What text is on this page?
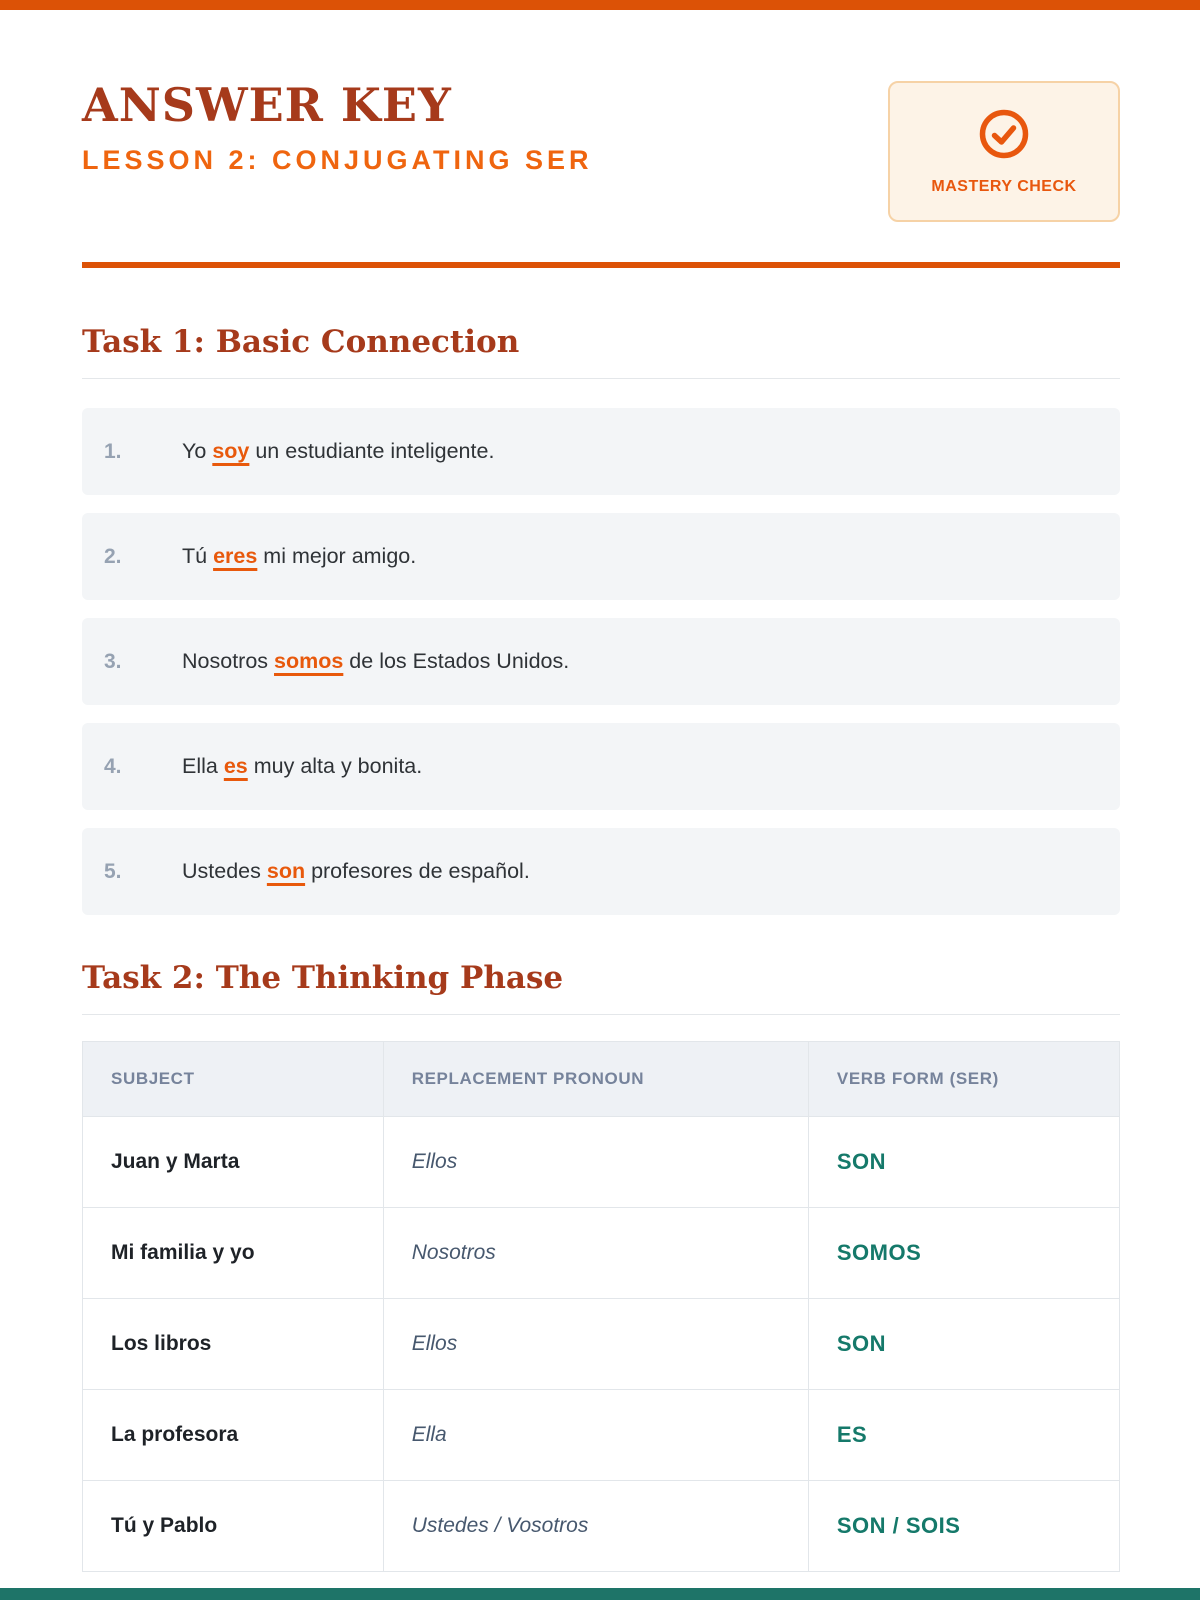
ANSWER KEY
LESSON 2: CONJUGATING SER
MASTERY CHECK
Task 1: Basic Connection
1.	Yo soy un estudiante inteligente.
2.	Tú eres mi mejor amigo.
3.	Nosotros somos de los Estados Unidos.
4.	Ella es muy alta y bonita.
5.	Ustedes son profesores de español.
Task 2: The Thinking Phase
SUBJECT	REPLACEMENT PRONOUN	VERB FORM (SER)
Juan y Marta	Ellos	SON
Mi familia y yo	Nosotros	SOMOS
Los libros	Ellos	SON
La profesora	Ella	ES
Tú y Pablo	Ustedes / Vosotros	SON / SOIS
